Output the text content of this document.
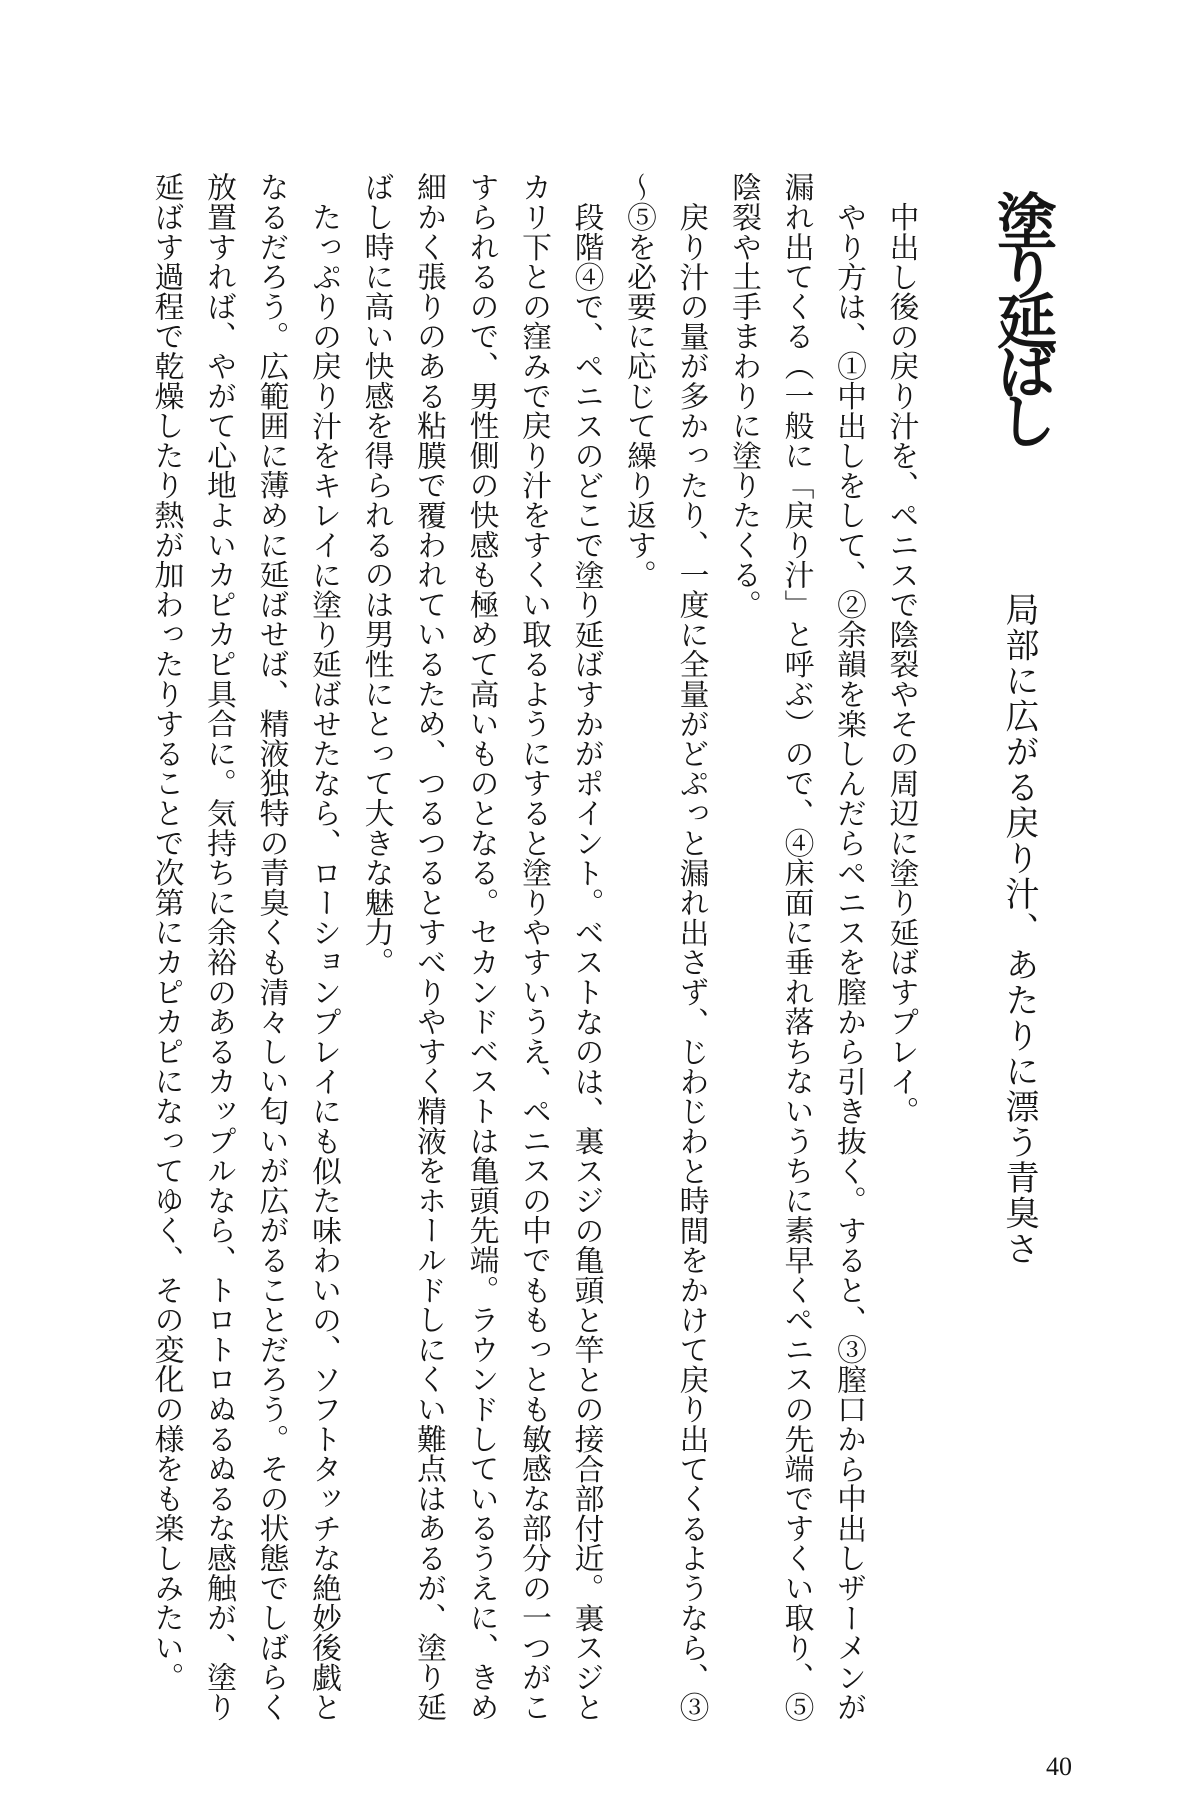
塗り延ばし
局部に広がる戻り汁、あたりに漂う青臭さ
中出し後の戻り汁を、ペニスで陰裂やその周辺に塗り延ばすプレイ。
やり方は、①中出しをして、②余韻を楽しんだらペニスを膣から引き抜く。すると、③膣口から中出しザーメンが
漏れ出てくる（一般に「戻り汁」と呼ぶ）ので、④床面に垂れ落ちないうちに素早くペニスの先端ですくい取り、⑤
陰裂や土手まわりに塗りたくる。
戻り汁の量が多かったり、一度に全量がどぷっと漏れ出さず、じわじわと時間をかけて戻り出てくるようなら、③
〜⑤を必要に応じて繰り返す。
段階④で、ペニスのどこで塗り延ばすかがポイント。ベストなのは、裏スジの亀頭と竿との接合部付近。裏スジと
カリ下との窪みで戻り汁をすくい取るようにすると塗りやすいうえ、ペニスの中でももっとも敏感な部分の一つがこ
すられるので、男性側の快感も極めて高いものとなる。セカンドベストは亀頭先端。ラウンドしているうえに、きめ
細かく張りのある粘膜で覆われているため、つるつるとすべりやすく精液をホールドしにくい難点はあるが、塗り延
ばし時に高い快感を得られるのは男性にとって大きな魅力。
たっぷりの戻り汁をキレイに塗り延ばせたなら、ローションプレイにも似た味わいの、ソフトタッチな絶妙後戯と
なるだろう。広範囲に薄めに延ばせば、精液独特の青臭くも清々しい匂いが広がることだろう。その状態でしばらく
放置すれば、やがて心地よいカピカピ具合に。気持ちに余裕のあるカップルなら、トロトロぬるぬるな感触が、塗り
延ばす過程で乾燥したり熱が加わったりすることで次第にカピカピになってゆく、その変化の様をも楽しみたい。
40
